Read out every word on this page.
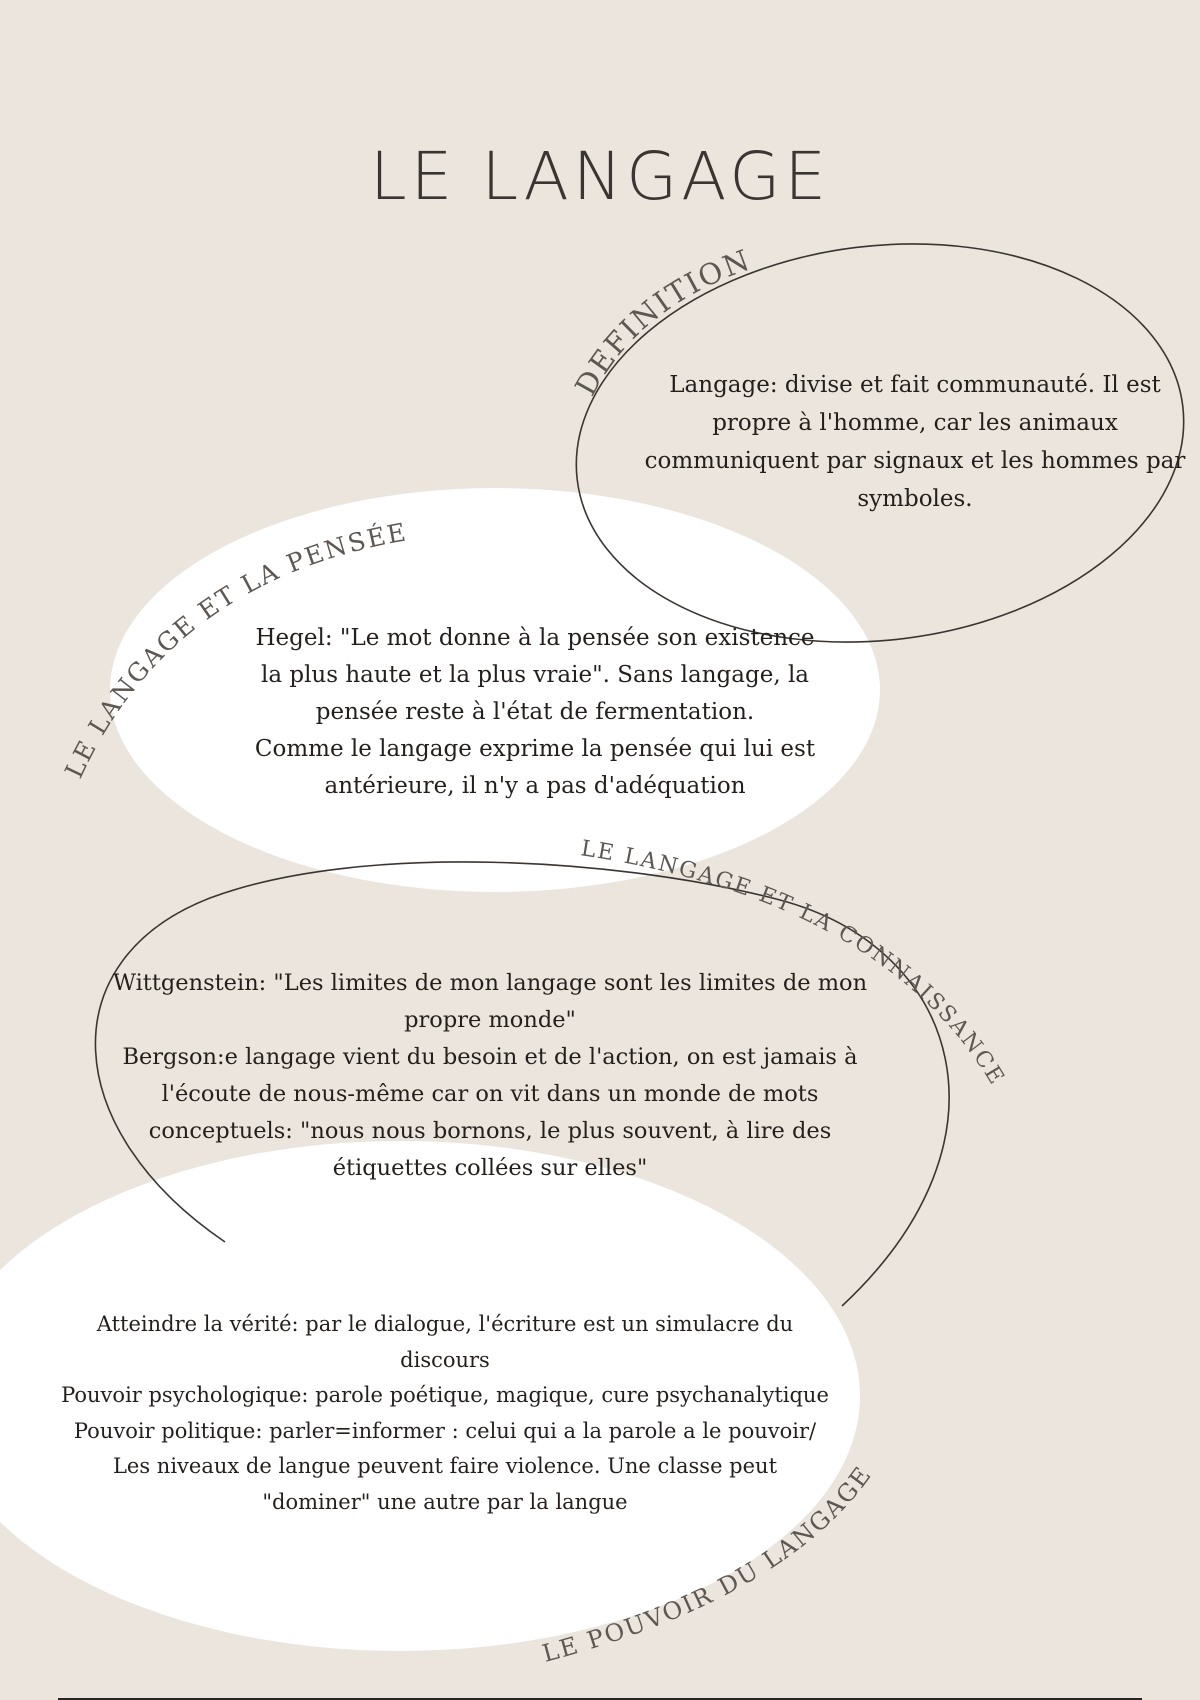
DEFINITION
LE LANGAGE ET LA PENSÉE
LE LANGAGE ET LA CONNAISSANCE
LE POUVOIR DU LANGAGE
LE LANGAGE

Langage: divise et fait communauté. Il est propre à l'homme, car les animaux communiquent par signaux et les hommes par symboles.

Hegel: "Le mot donne à la pensée son existence la plus haute et la plus vraie". Sans langage, la pensée reste à l'état de fermentation.

Comme le langage exprime la pensée qui lui est antérieure, il n'y a pas d'adéquation

Wittgenstein: "Les limites de mon langage sont les limites de mon propre monde"

Bergson:e langage vient du besoin et de l'action, on est jamais à l'écoute de nous-même car on vit dans un monde de mots conceptuels: "nous nous bornons, le plus souvent, à lire des étiquettes collées sur elles"

Atteindre la vérité: par le dialogue, l'écriture est un simulacre du discours

Pouvoir psychologique: parole poétique, magique, cure psychanalytique

Pouvoir politique: parler=informer : celui qui a la parole a le pouvoir/ Les niveaux de langue peuvent faire violence. Une classe peut "dominer" une autre par la langue
